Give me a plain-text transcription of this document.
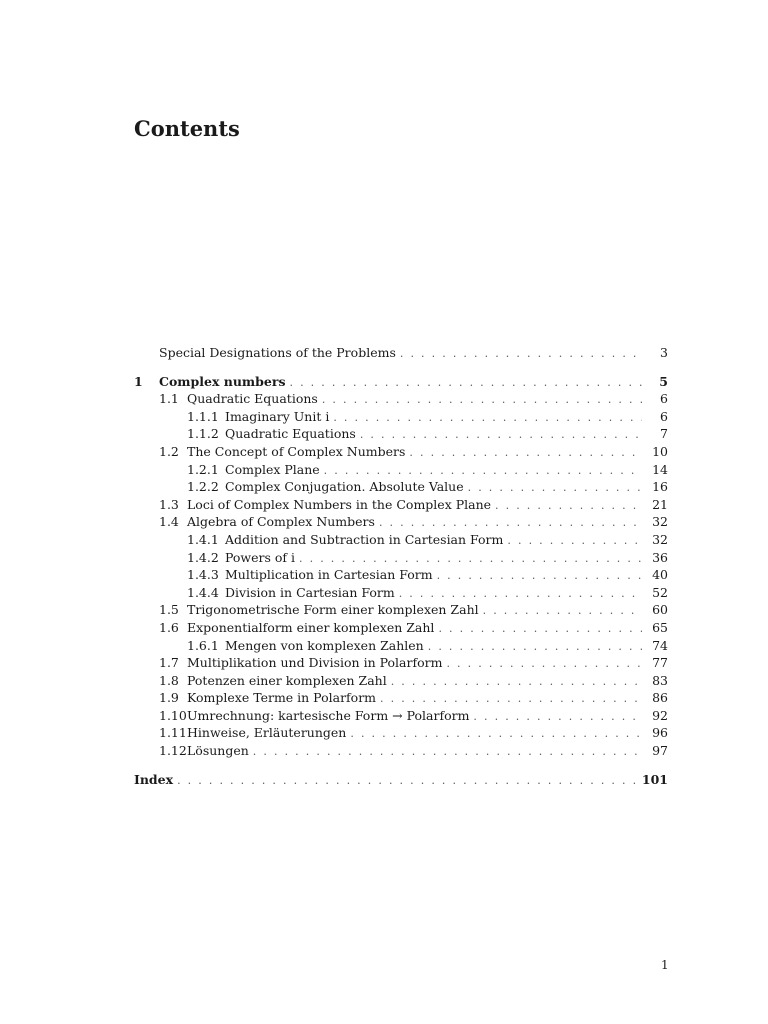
Contents
Special Designations of the Problems . . .	3
1	Complex numbers . . .	5
1.1 Quadratic Equations . . .	6
1.1.1 Imaginary Unit i . . .	6
1.1.2 Quadratic Equations . . .	7
1.2 The Concept of Complex Numbers . . .	10
1.2.1 Complex Plane . . .	14
1.2.2 Complex Conjugation. Absolute Value . . .	16
1.3 Loci of Complex Numbers in the Complex Plane . . .	21
1.4 Algebra of Complex Numbers . . .	32
1.4.1 Addition and Subtraction in Cartesian Form . . .	32
1.4.2 Powers of i . . .	36
1.4.3 Multiplication in Cartesian Form . . .	40
1.4.4 Division in Cartesian Form . . .	52
1.5 Trigonometrische Form einer komplexen Zahl . . .	60
1.6 Exponentialform einer komplexen Zahl . . .	65
1.6.1 Mengen von komplexen Zahlen . . .	74
1.7 Multiplikation und Division in Polarform . . .	77
1.8 Potenzen einer komplexen Zahl . . .	83
1.9 Komplexe Terme in Polarform . . .	86
1.10 Umrechnung: kartesische Form → Polarform . . .	92
1.11 Hinweise, Erläuterungen . . .	96
1.12 Lösungen . . .	97
Index . . .	101
1
